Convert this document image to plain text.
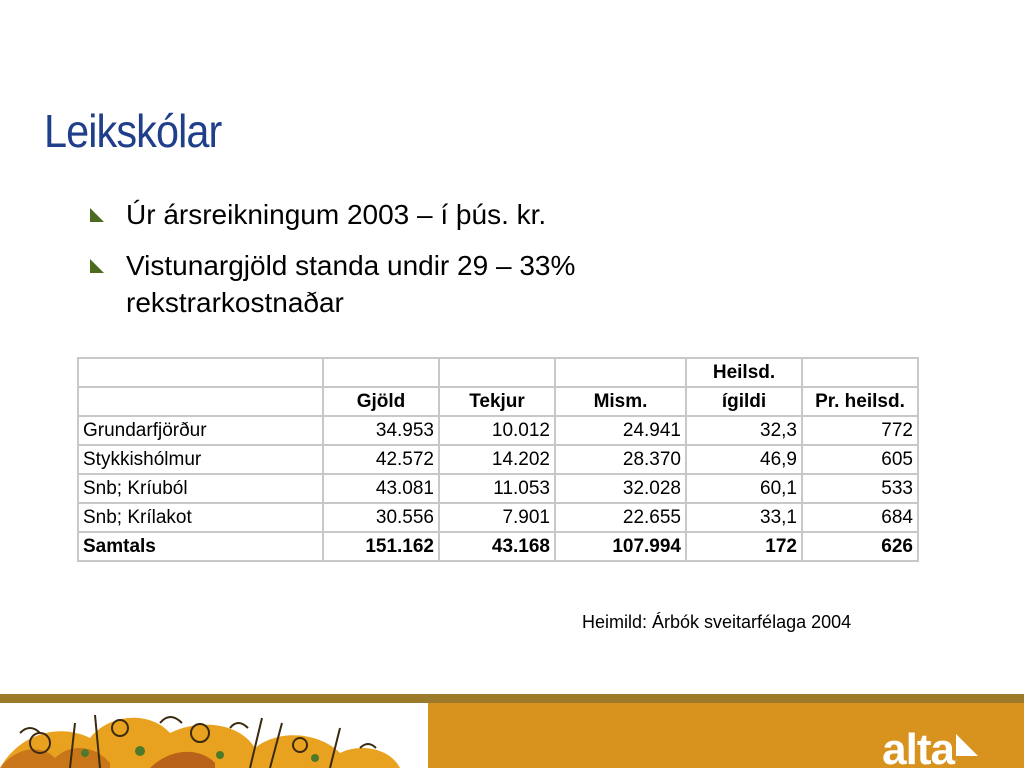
Leikskólar
Úr ársreikningum 2003 – í þús. kr.
Vistunargjöld standa undir 29 – 33% rekstrarkostnaðar
				Heilsd.	
	Gjöld	Tekjur	Mism.	ígildi	Pr. heilsd.
Grundarfjörður	34.953	10.012	24.941	32,3	772
Stykkishólmur	42.572	14.202	28.370	46,9	605
Snb; Kríuból	43.081	11.053	32.028	60,1	533
Snb; Krílakot	30.556	7.901	22.655	33,1	684
Samtals	151.162	43.168	107.994	172	626
Heimild: Árbók sveitarfélaga 2004
alta
